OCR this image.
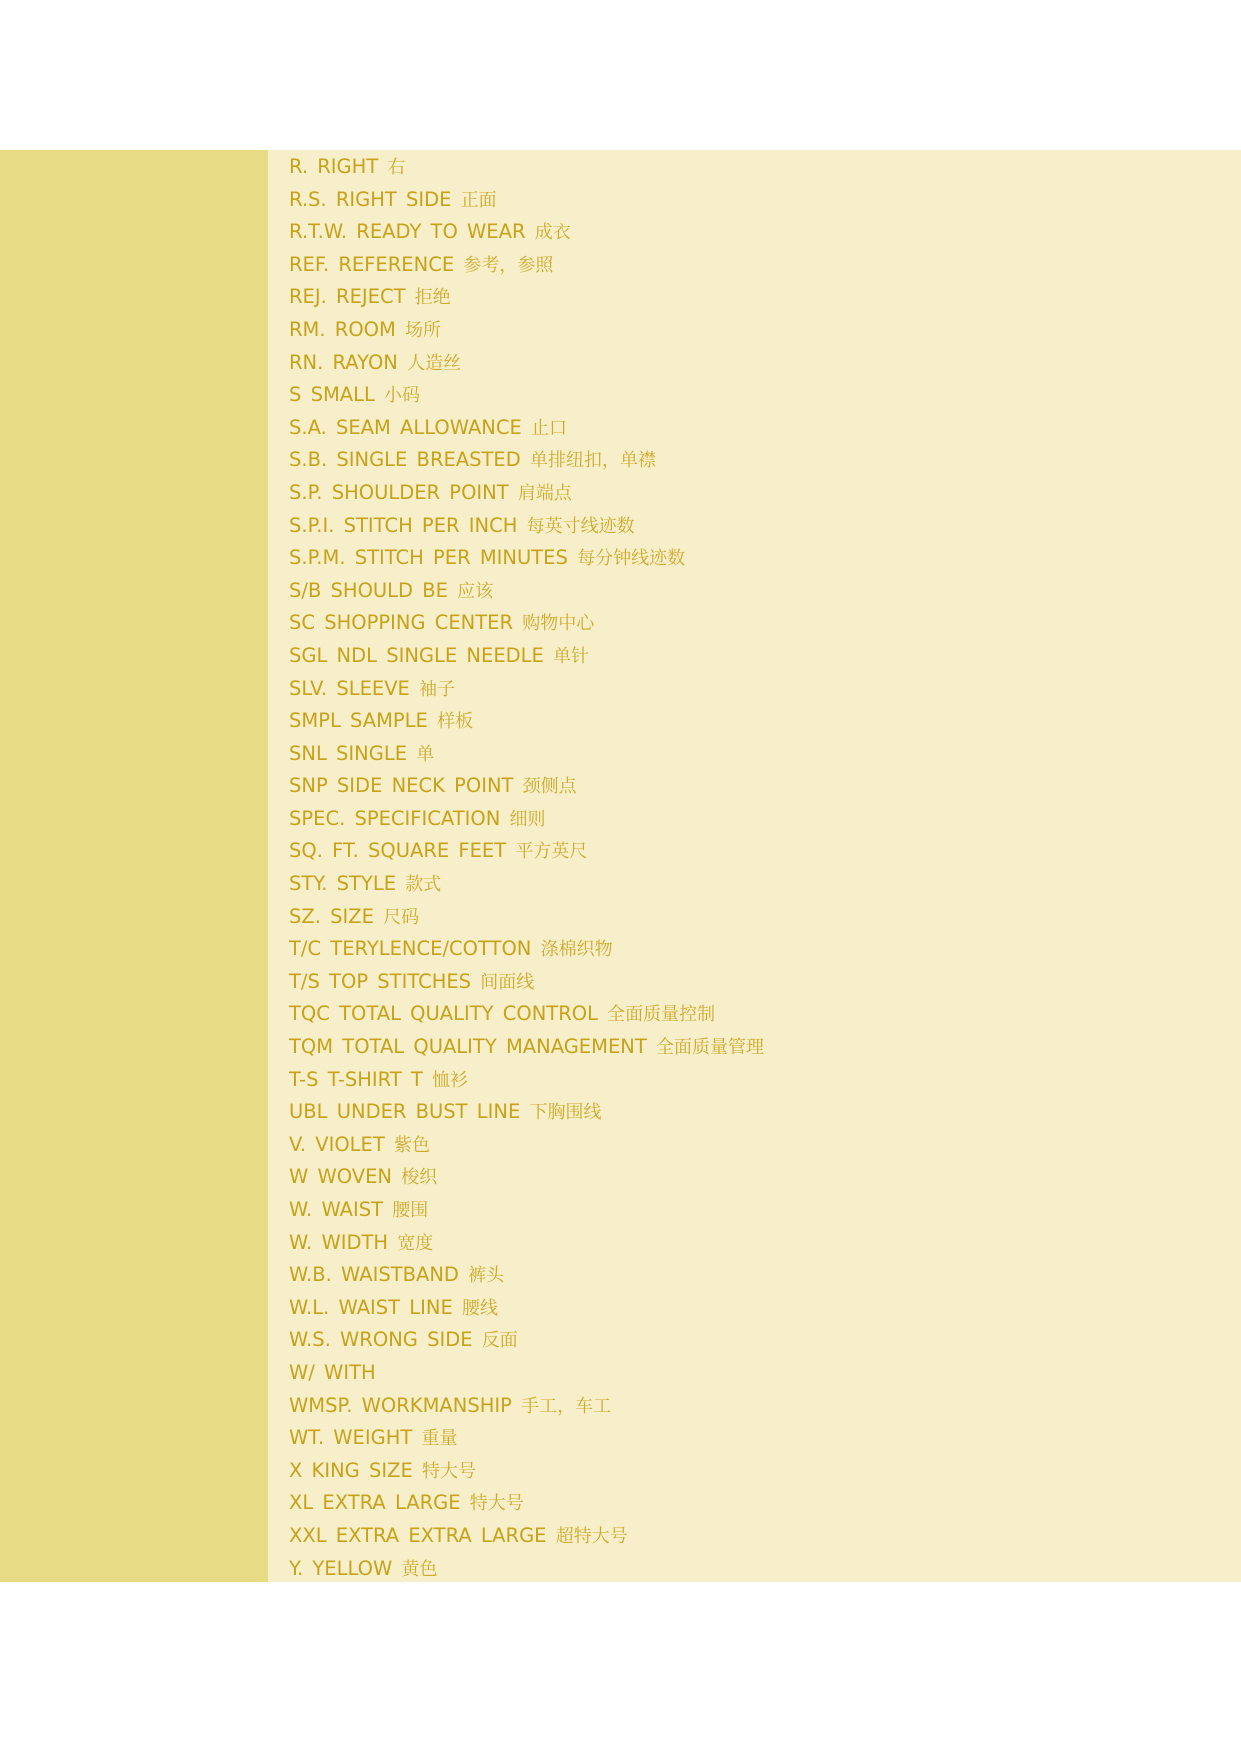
R. RIGHT 右
R.S. RIGHT SIDE 正面
R.T.W. READY TO WEAR 成衣
REF. REFERENCE 参考，参照
REJ. REJECT 拒绝
RM. ROOM 场所
RN. RAYON 人造丝
S SMALL 小码
S.A. SEAM ALLOWANCE 止口
S.B. SINGLE BREASTED 单排纽扣，单襟
S.P. SHOULDER POINT 肩端点
S.P.I. STITCH PER INCH 每英寸线迹数
S.P.M. STITCH PER MINUTES 每分钟线迹数
S/B SHOULD BE 应该
SC SHOPPING CENTER 购物中心
SGL NDL SINGLE NEEDLE 单针
SLV. SLEEVE 袖子
SMPL SAMPLE 样板
SNL SINGLE 单
SNP SIDE NECK POINT 颈侧点
SPEC. SPECIFICATION 细则
SQ. FT. SQUARE FEET 平方英尺
STY. STYLE 款式
SZ. SIZE 尺码
T/C TERYLENCE/COTTON 涤棉织物
T/S TOP STITCHES 间面线
TQC TOTAL QUALITY CONTROL 全面质量控制
TQM TOTAL QUALITY MANAGEMENT 全面质量管理
T-S T-SHIRT T 恤衫
UBL UNDER BUST LINE 下胸围线
V. VIOLET 紫色
W WOVEN 梭织
W. WAIST 腰围
W. WIDTH 宽度
W.B. WAISTBAND 裤头
W.L. WAIST LINE 腰线
W.S. WRONG SIDE 反面
W/ WITH
WMSP. WORKMANSHIP 手工，车工
WT. WEIGHT 重量
X KING SIZE 特大号
XL EXTRA LARGE 特大号
XXL EXTRA EXTRA LARGE 超特大号
Y. YELLOW 黄色
